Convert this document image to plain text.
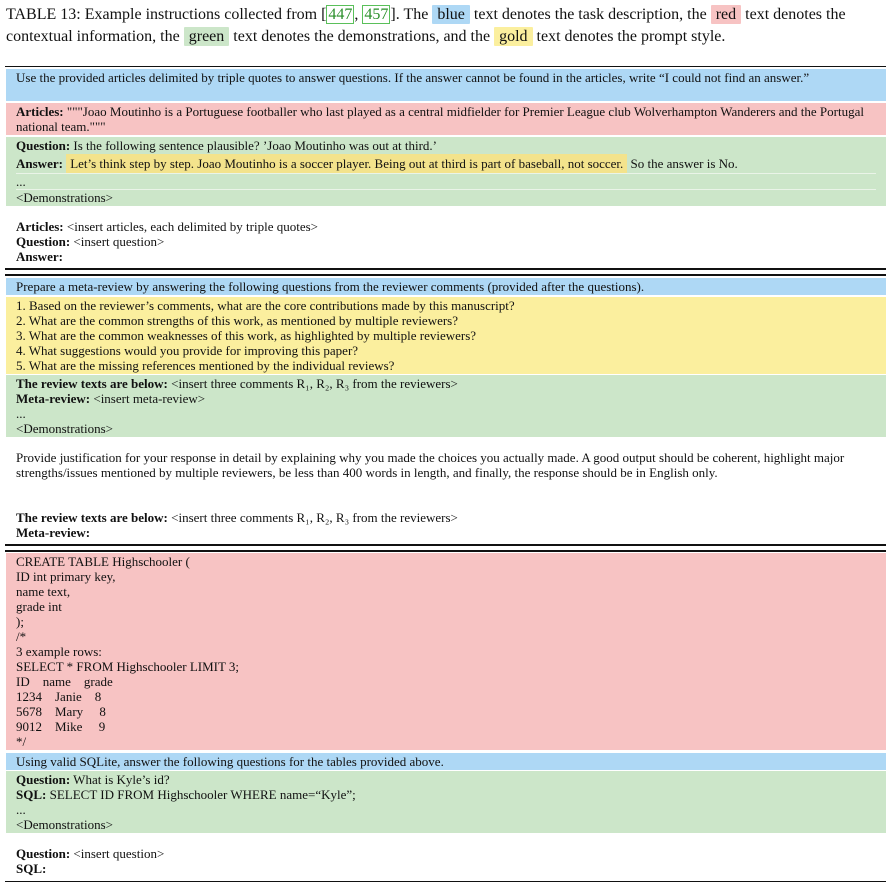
TABLE 13: Example instructions collected from [ 447 , 457 ]. The blue text denotes the task description, the red text denotes the contextual information, the green text denotes the demonstrations, and the gold text denotes the prompt style.
Use the provided articles delimited by triple quotes to answer questions. If the answer cannot be found in the articles, write “I could not find an answer.”
Articles: """Joao Moutinho is a Portuguese footballer who last played as a central midfielder for Premier League club Wolverhampton Wanderers and the Portugal national team."""
Question: Is the following sentence plausible? ’Joao Moutinho was out at third.’
Answer: Let’s think step by step. Joao Moutinho is a soccer player. Being out at third is part of baseball, not soccer. So the answer is No.
...
<Demonstrations>
Articles: <insert articles, each delimited by triple quotes>
Question: <insert question>
Answer:
Prepare a meta-review by answering the following questions from the reviewer comments (provided after the questions).
1. Based on the reviewer’s comments, what are the core contributions made by this manuscript?
2. What are the common strengths of this work, as mentioned by multiple reviewers?
3. What are the common weaknesses of this work, as highlighted by multiple reviewers?
4. What suggestions would you provide for improving this paper?
5. What are the missing references mentioned by the individual reviews?
The review texts are below: <insert three comments R₁, R₂, R₃ from the reviewers>
Meta-review: <insert meta-review>
...
<Demonstrations>
Provide justification for your response in detail by explaining why you made the choices you actually made. A good output should be coherent, highlight major strengths/issues mentioned by multiple reviewers, be less than 400 words in length, and finally, the response should be in English only.
The review texts are below: <insert three comments R₁, R₂, R₃ from the reviewers>
Meta-review:
CREATE TABLE Highschooler (
ID int primary key,
name text,
grade int
);
/*
3 example rows:
SELECT * FROM Highschooler LIMIT 3;
ID    name    grade
1234    Janie    8
5678    Mary     8
9012    Mike     9
*/
Using valid SQLite, answer the following questions for the tables provided above.
Question: What is Kyle’s id?
SQL: SELECT ID FROM Highschooler WHERE name=“Kyle”;
...
<Demonstrations>
Question: <insert question>
SQL:
